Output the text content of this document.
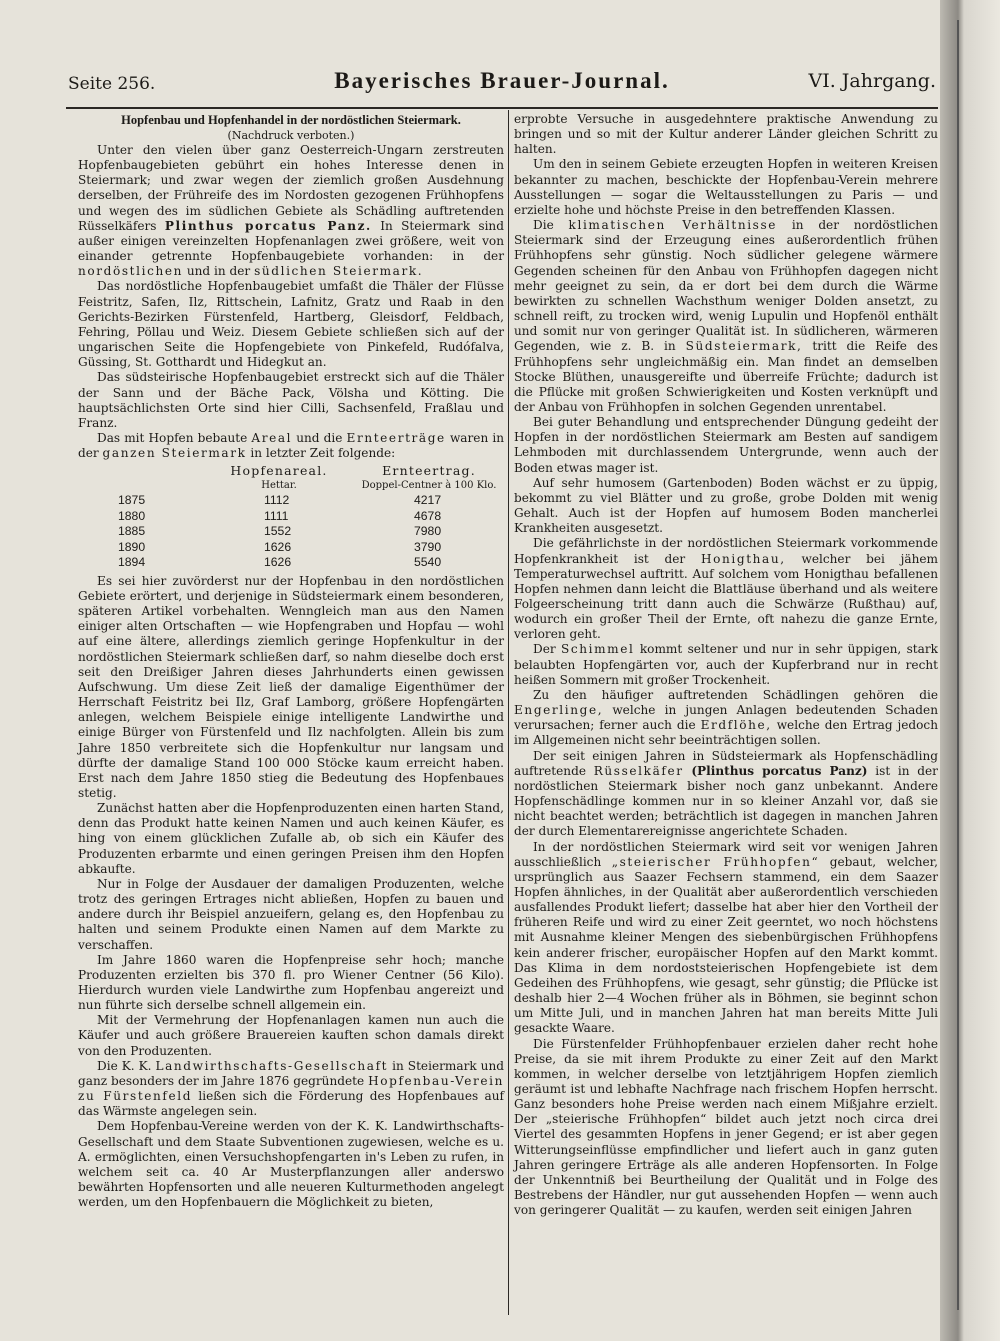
Seite 256.	Bayerisches Brauer-Journal.	VI. Jahrgang.
Hopfenbau und Hopfenhandel in der nordöstlichen Steiermark.
(Nachdruck verboten.)

Unter den vielen über ganz Oesterreich-Ungarn zerstreuten Hopfenbaugebieten gebührt ein hohes Interesse denen in Steiermark; und zwar wegen der ziemlich großen Ausdehnung derselben, der Frühreife des im Nordosten gezogenen Frühhopfens und wegen des im südlichen Gebiete als Schädling auftretenden Rüsselkäfers Plinthus porcatus Panz. In Steiermark sind außer einigen vereinzelten Hopfenanlagen zwei größere, weit von einander getrennte Hopfenbaugebiete vorhanden: in der nordöstlichen und in der südlichen Steiermark.

Das nordöstliche Hopfenbaugebiet umfaßt die Thäler der Flüsse Feistritz, Safen, Ilz, Rittschein, Lafnitz, Gratz und Raab in den Gerichts-Bezirken Fürstenfeld, Hartberg, Gleisdorf, Feldbach, Fehring, Pöllau und Weiz. Diesem Gebiete schließen sich auf der ungarischen Seite die Hopfengebiete von Pinkefeld, Rudófalva, Güssing, St. Gotthardt und Hidegkut an.

Das südsteirische Hopfenbaugebiet erstreckt sich auf die Thäler der Sann und der Bäche Pack, Völsha und Kötting. Die hauptsächlichsten Orte sind hier Cilli, Sachsenfeld, Fraßlau und Franz.

Das mit Hopfen bebaute Areal und die Ernteerträge waren in der ganzen Steiermark in letzter Zeit folgende:

Hopfenareal.	Ernteertrag.
Hettar.	Doppel-Centner à 100 Klo.
1875	1112	4217
1880	1111	4678
1885	1552	7980
1890	1626	3790
1894	1626	5540

Es sei hier zuvörderst nur der Hopfenbau in den nordöstlichen Gebiete erörtert, und derjenige in Südsteiermark einem besonderen, späteren Artikel vorbehalten. Wenngleich man aus den Namen einiger alten Ortschaften — wie Hopfengraben und Hopfau — wohl auf eine ältere, allerdings ziemlich geringe Hopfenkultur in der nordöstlichen Steiermark schließen darf, so nahm dieselbe doch erst seit den Dreißiger Jahren dieses Jahrhunderts einen gewissen Aufschwung. Um diese Zeit ließ der damalige Eigenthümer der Herrschaft Feistritz bei Ilz, Graf Lamborg, größere Hopfengärten anlegen, welchem Beispiele einige intelligente Landwirthe und einige Bürger von Fürstenfeld und Ilz nachfolgten. Allein bis zum Jahre 1850 verbreitete sich die Hopfenkultur nur langsam und dürfte der damalige Stand 100 000 Stöcke kaum erreicht haben. Erst nach dem Jahre 1850 stieg die Bedeutung des Hopfenbaues stetig.

Zunächst hatten aber die Hopfenproduzenten einen harten Stand, denn das Produkt hatte keinen Namen und auch keinen Käufer, es hing von einem glücklichen Zufalle ab, ob sich ein Käufer des Produzenten erbarmte und einen geringen Preisen ihm den Hopfen abkaufte.

Nur in Folge der Ausdauer der damaligen Produzenten, welche trotz des geringen Ertrages nicht abließen, Hopfen zu bauen und andere durch ihr Beispiel anzueifern, gelang es, den Hopfenbau zu halten und seinem Produkte einen Namen auf dem Markte zu verschaffen.

Im Jahre 1860 waren die Hopfenpreise sehr hoch; manche Produzenten erzielten bis 370 fl. pro Wiener Centner (56 Kilo). Hierdurch wurden viele Landwirthe zum Hopfenbau angereizt und nun führte sich derselbe schnell allgemein ein.

Mit der Vermehrung der Hopfenanlagen kamen nun auch die Käufer und auch größere Brauereien kauften schon damals direkt von den Produzenten.

Die K. K. Landwirthschafts-Gesellschaft in Steiermark und ganz besonders der im Jahre 1876 gegründete Hopfenbau-Verein zu Fürstenfeld ließen sich die Förderung des Hopfenbaues auf das Wärmste angelegen sein.

Dem Hopfenbau-Vereine werden von der K. K. Landwirthschafts-Gesellschaft und dem Staate Subventionen zugewiesen, welche es u. A. ermöglichten, einen Versuchshopfengarten in's Leben zu rufen, in welchem seit ca. 40 Ar Musterpflanzungen aller anderswo bewährten Hopfensorten und alle neueren Kulturmethoden angelegt werden, um den Hopfenbauern die Möglichkeit zu bieten,

erprobte Versuche in ausgedehntere praktische Anwendung zu bringen und so mit der Kultur anderer Länder gleichen Schritt zu halten.

Um den in seinem Gebiete erzeugten Hopfen in weiteren Kreisen bekannter zu machen, beschickte der Hopfenbau-Verein mehrere Ausstellungen — sogar die Weltausstellungen zu Paris — und erzielte hohe und höchste Preise in den betreffenden Klassen.

Die klimatischen Verhältnisse in der nordöstlichen Steiermark sind der Erzeugung eines außerordentlich frühen Frühhopfens sehr günstig. Noch südlicher gelegene wärmere Gegenden scheinen für den Anbau von Frühhopfen dagegen nicht mehr geeignet zu sein, da er dort bei dem durch die Wärme bewirkten zu schnellen Wachsthum weniger Dolden ansetzt, zu schnell reift, zu trocken wird, wenig Lupulin und Hopfenöl enthält und somit nur von geringer Qualität ist. In südlicheren, wärmeren Gegenden, wie z. B. in Südsteiermark, tritt die Reife des Frühhopfens sehr ungleichmäßig ein. Man findet an demselben Stocke Blüthen, unausgereifte und überreife Früchte; dadurch ist die Pflücke mit großen Schwierigkeiten und Kosten verknüpft und der Anbau von Frühhopfen in solchen Gegenden unrentabel.

Bei guter Behandlung und entsprechender Düngung gedeiht der Hopfen in der nordöstlichen Steiermark am Besten auf sandigem Lehmboden mit durchlassendem Untergrunde, wenn auch der Boden etwas mager ist.

Auf sehr humosem (Gartenboden) Boden wächst er zu üppig, bekommt zu viel Blätter und zu große, grobe Dolden mit wenig Gehalt. Auch ist der Hopfen auf humosem Boden mancherlei Krankheiten ausgesetzt.

Die gefährlichste in der nordöstlichen Steiermark vorkommende Hopfenkrankheit ist der Honigthau, welcher bei jähem Temperaturwechsel auftritt. Auf solchem vom Honigthau befallenen Hopfen nehmen dann leicht die Blattläuse überhand und als weitere Folgeerscheinung tritt dann auch die Schwärze (Rußthau) auf, wodurch ein großer Theil der Ernte, oft nahezu die ganze Ernte, verloren geht.

Der Schimmel kommt seltener und nur in sehr üppigen, stark belaubten Hopfengärten vor, auch der Kupferbrand nur in recht heißen Sommern mit großer Trockenheit.

Zu den häufiger auftretenden Schädlingen gehören die Engerlinge, welche in jungen Anlagen bedeutenden Schaden verursachen; ferner auch die Erdflöhe, welche den Ertrag jedoch im Allgemeinen nicht sehr beeinträchtigen sollen.

Der seit einigen Jahren in Südsteiermark als Hopfenschädling auftretende Rüsselkäfer (Plinthus porcatus Panz) ist in der nordöstlichen Steiermark bisher noch ganz unbekannt. Andere Hopfenschädlinge kommen nur in so kleiner Anzahl vor, daß sie nicht beachtet werden; beträchtlich ist dagegen in manchen Jahren der durch Elementarereignisse angerichtete Schaden.

In der nordöstlichen Steiermark wird seit vor wenigen Jahren ausschließlich „steierischer Frühhopfen“ gebaut, welcher, ursprünglich aus Saazer Fechsern stammend, ein dem Saazer Hopfen ähnliches, in der Qualität aber außerordentlich verschieden ausfallendes Produkt liefert; dasselbe hat aber hier den Vortheil der früheren Reife und wird zu einer Zeit geerntet, wo noch höchstens mit Ausnahme kleiner Mengen des siebenbürgischen Frühhopfens kein anderer frischer, europäischer Hopfen auf den Markt kommt. Das Klima in dem nordoststeierischen Hopfengebiete ist dem Gedeihen des Frühhopfens, wie gesagt, sehr günstig; die Pflücke ist deshalb hier 2—4 Wochen früher als in Böhmen, sie beginnt schon um Mitte Juli, und in manchen Jahren hat man bereits Mitte Juli gesackte Waare.

Die Fürstenfelder Frühhopfenbauer erzielen daher recht hohe Preise, da sie mit ihrem Produkte zu einer Zeit auf den Markt kommen, in welcher derselbe von letztjährigem Hopfen ziemlich geräumt ist und lebhafte Nachfrage nach frischem Hopfen herrscht. Ganz besonders hohe Preise werden nach einem Mißjahre erzielt. Der „steierische Frühhopfen“ bildet auch jetzt noch circa drei Viertel des gesammten Hopfens in jener Gegend; er ist aber gegen Witterungseinflüsse empfindlicher und liefert auch in ganz guten Jahren geringere Erträge als alle anderen Hopfensorten. In Folge der Unkenntniß bei Beurtheilung der Qualität und in Folge des Bestrebens der Händler, nur gut aussehenden Hopfen — wenn auch von geringerer Qualität — zu kaufen, werden seit einigen Jahren
